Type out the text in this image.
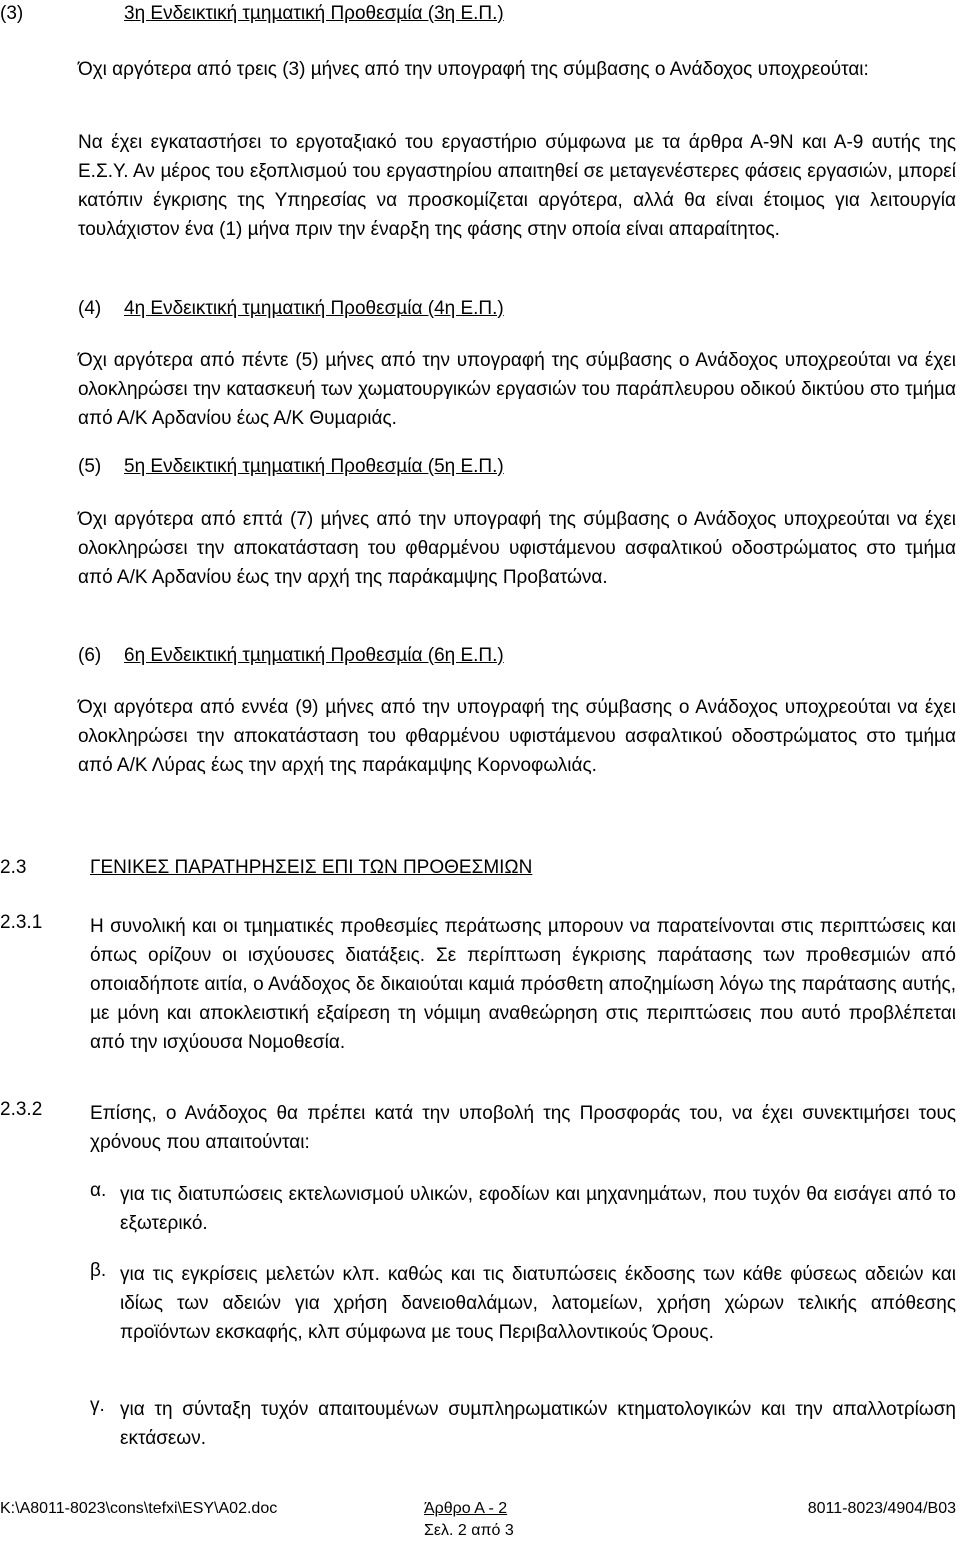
(3)	3η Ενδεικτική τµηµατική Προθεσµία (3η Ε.Π.)
Όχι αργότερα από τρεις (3) µήνες από την υπογραφή της σύµβασης ο Ανάδοχος υποχρεούται:
Να έχει εγκαταστήσει το εργοταξιακό του εργαστήριο σύµφωνα µε τα άρθρα Α-9Ν και Α-9 αυτής της Ε.Σ.Υ. Αν µέρος του εξοπλισµού του εργαστηρίου απαιτηθεί σε µεταγενέστερες φάσεις εργασιών, µπορεί κατόπιν έγκρισης της Υπηρεσίας να προσκοµίζεται αργότερα, αλλά θα είναι έτοιµος για λειτουργία τουλάχιστον ένα (1) µήνα πριν την έναρξη της φάσης στην οποία είναι απαραίτητος.
(4) 4η Ενδεικτική τµηµατική Προθεσµία (4η Ε.Π.)
Όχι αργότερα από πέντε (5) µήνες από την υπογραφή της σύµβασης ο Ανάδοχος υποχρεούται να έχει ολοκληρώσει την κατασκευή των χωµατουργικών εργασιών του παράπλευρου οδικού δικτύου στο τµήµα από Α/Κ Αρδανίου έως Α/Κ Θυµαριάς.
(5) 5η Ενδεικτική τµηµατική Προθεσµία (5η Ε.Π.)
Όχι αργότερα από επτά (7) µήνες από την υπογραφή της σύµβασης ο Ανάδοχος υποχρεούται να έχει ολοκληρώσει την αποκατάσταση του φθαρµένου υφιστάµενου ασφαλτικού οδοστρώµατος στο τµήµα από Α/Κ Αρδανίου έως την αρχή της παράκαµψης Προβατώνα.
(6) 6η Ενδεικτική τµηµατική Προθεσµία (6η Ε.Π.)
Όχι αργότερα από εννέα (9) µήνες από την υπογραφή της σύµβασης ο Ανάδοχος υποχρεούται να έχει ολοκληρώσει την αποκατάσταση του φθαρµένου υφιστάµενου ασφαλτικού οδοστρώµατος στο τµήµα από Α/Κ Λύρας έως την αρχή της παράκαµψης Κορνοφωλιάς.
2.3	ΓΕΝΙΚΕΣ ΠΑΡΑΤΗΡΗΣΕΙΣ ΕΠΙ ΤΩΝ ΠΡΟΘΕΣΜΙΩΝ
2.3.1	Η συνολική και οι τµηµατικές προθεσµίες περάτωσης µπορουν να παρατείνονται στις περιπτώσεις και όπως ορίζουν οι ισχύουσες διατάξεις. Σε περίπτωση έγκρισης παράτασης των προθεσµιών από οποιαδήποτε αιτία, ο Ανάδοχος δε δικαιούται καµιά πρόσθετη αποζηµίωση λόγω της παράτασης αυτής, µε µόνη και αποκλειστική εξαίρεση τη νόµιµη αναθεώρηση στις περιπτώσεις που αυτό προβλέπεται από την ισχύουσα Νοµοθεσία.
2.3.2	Επίσης, ο Ανάδοχος θα πρέπει κατά την υποβολή της Προσφοράς του, να έχει συνεκτιµήσει τους χρόνους που απαιτούνται:
α. για τις διατυπώσεις εκτελωνισµού υλικών, εφοδίων και µηχανηµάτων, που τυχόν θα εισάγει από το εξωτερικό.
β. για τις εγκρίσεις µελετών κλπ. καθώς και τις διατυπώσεις έκδοσης των κάθε φύσεως αδειών και ιδίως των αδειών για χρήση δανειοθαλάµων, λατοµείων, χρήση χώρων τελικής απόθεσης προϊόντων εκσκαφής, κλπ σύµφωνα µε τους Περιβαλλοντικούς Όρους.
γ. για τη σύνταξη τυχόν απαιτουµένων συµπληρωµατικών κτηµατολογικών και την απαλλοτρίωση εκτάσεων.
K:\A8011-8023\cons\tefxi\ESY\A02.doc	Άρθρο Α - 2
Σελ. 2 από 3
8011-8023/4904/B03
